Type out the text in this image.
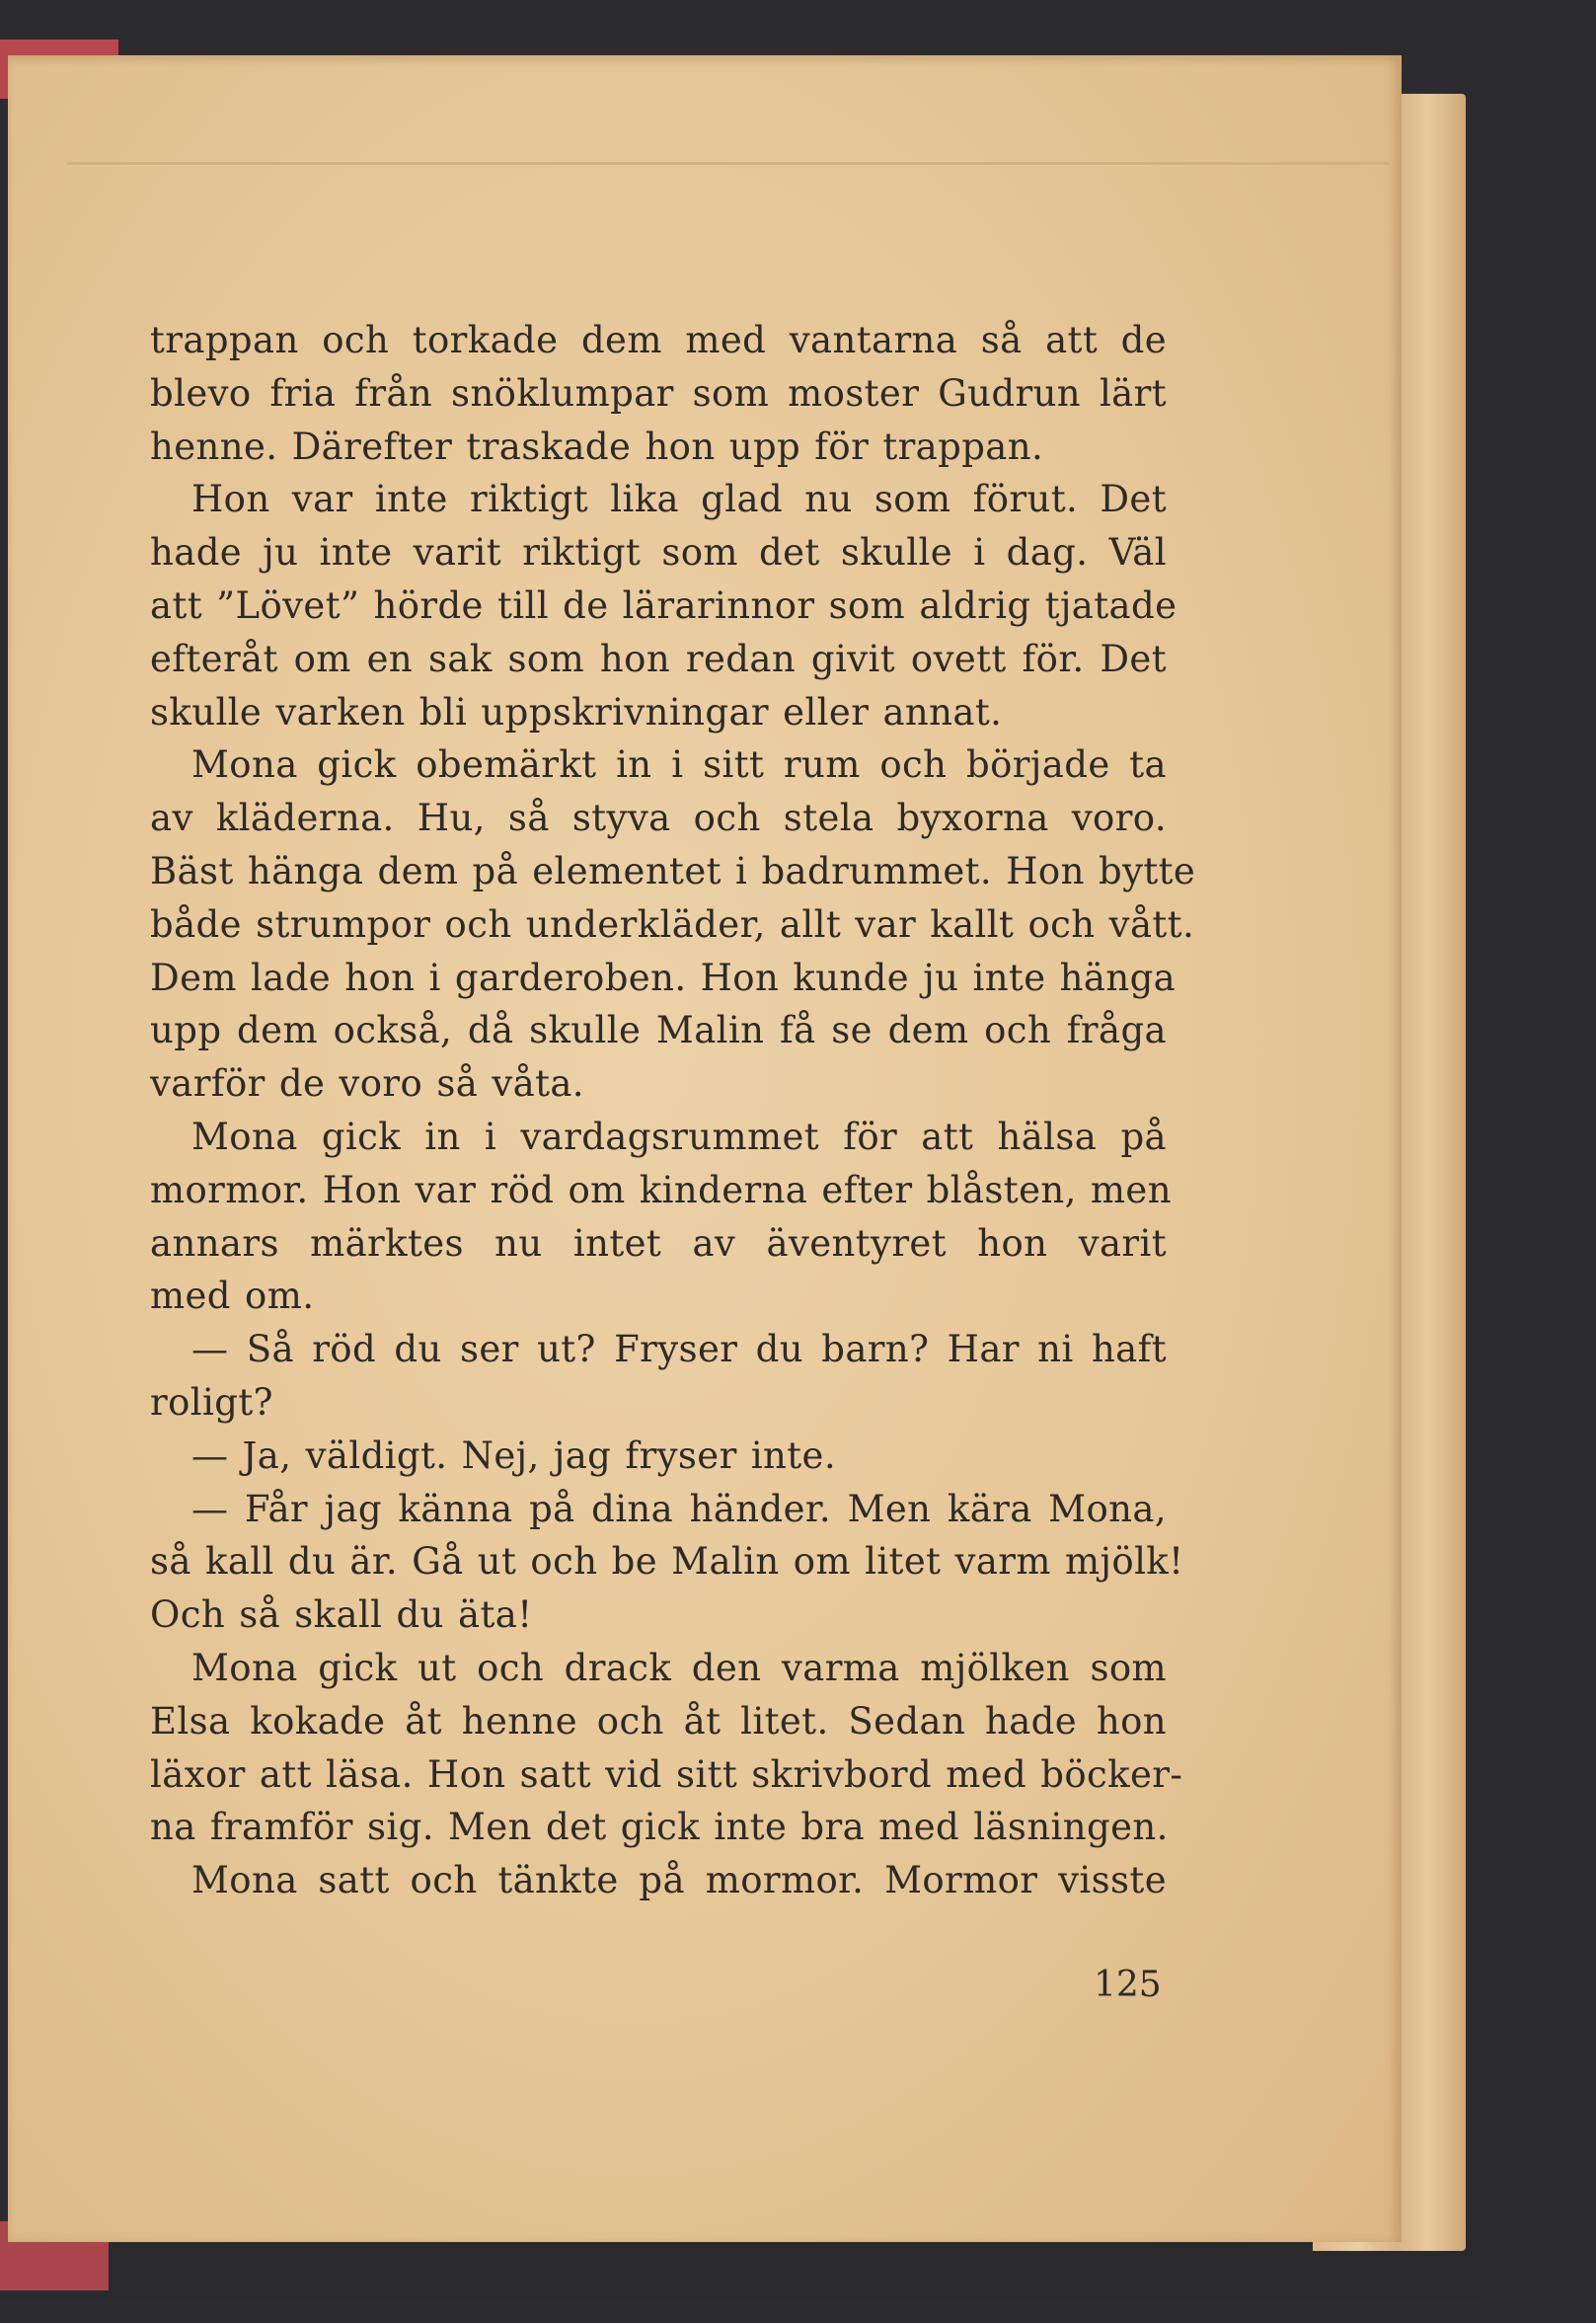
trappan och torkade dem med vantarna så att de
blevo fria från snöklumpar som moster Gudrun lärt
henne. Därefter traskade hon upp för trappan.
Hon var inte riktigt lika glad nu som förut. Det
hade ju inte varit riktigt som det skulle i dag. Väl
att ”Lövet” hörde till de lärarinnor som aldrig tjatade
efteråt om en sak som hon redan givit ovett för. Det
skulle varken bli uppskrivningar eller annat.
Mona gick obemärkt in i sitt rum och började ta
av kläderna. Hu, så styva och stela byxorna voro.
Bäst hänga dem på elementet i badrummet. Hon bytte
både strumpor och underkläder, allt var kallt och vått.
Dem lade hon i garderoben. Hon kunde ju inte hänga
upp dem också, då skulle Malin få se dem och fråga
varför de voro så våta.
Mona gick in i vardagsrummet för att hälsa på
mormor. Hon var röd om kinderna efter blåsten, men
annars märktes nu intet av äventyret hon varit
med om.
— Så röd du ser ut? Fryser du barn? Har ni haft
roligt?
— Ja, väldigt. Nej, jag fryser inte.
— Får jag känna på dina händer. Men kära Mona,
så kall du är. Gå ut och be Malin om litet varm mjölk!
Och så skall du äta!
Mona gick ut och drack den varma mjölken som
Elsa kokade åt henne och åt litet. Sedan hade hon
läxor att läsa. Hon satt vid sitt skrivbord med böcker-
na framför sig. Men det gick inte bra med läsningen.
Mona satt och tänkte på mormor. Mormor visste
125
